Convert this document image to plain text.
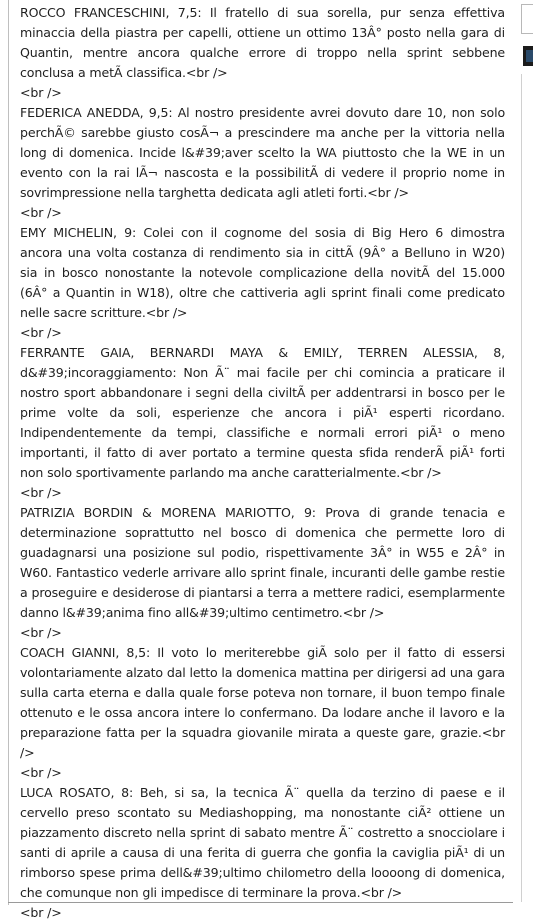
ROCCO FRANCESCHINI, 7,5: Il fratello di sua sorella, pur senza effettiva minaccia della piastra per capelli, ottiene un ottimo 13Â° posto nella gara di Quantin, mentre ancora qualche errore di troppo nella sprint sebbene conclusa a metÃ classifica.<br />

<br />

FEDERICA ANEDDA, 9,5: Al nostro presidente avrei dovuto dare 10, non solo perchÃ© sarebbe giusto cosÃ¬ a prescindere ma anche per la vittoria nella long di domenica. Incide l&#39;aver scelto la WA piuttosto che la WE in un evento con la rai lÃ¬ nascosta e la possibilitÃ di vedere il proprio nome in sovrimpressione nella targhetta dedicata agli atleti forti.<br />

<br />

EMY MICHELIN, 9: Colei con il cognome del sosia di Big Hero 6 dimostra ancora una volta costanza di rendimento sia in cittÃ (9Â° a Belluno in W20) sia in bosco nonostante la notevole complicazione della novitÃ del 15.000 (6Â° a Quantin in W18), oltre che cattiveria agli sprint finali come predicato nelle sacre scritture.<br />

<br />

FERRANTE GAIA, BERNARDI MAYA & EMILY, TERREN ALESSIA, 8, d&#39;incoraggiamento: Non Ã¨ mai facile per chi comincia a praticare il nostro sport abbandonare i segni della civiltÃ per addentrarsi in bosco per le prime volte da soli, esperienze che ancora i piÃ¹ esperti ricordano. Indipendentemente da tempi, classifiche e normali errori piÃ¹ o meno importanti, il fatto di aver portato a termine questa sfida renderÃ piÃ¹ forti non solo sportivamente parlando ma anche caratterialmente.<br />

<br />

PATRIZIA BORDIN & MORENA MARIOTTO, 9: Prova di grande tenacia e determinazione soprattutto nel bosco di domenica che permette loro di guadagnarsi una posizione sul podio, rispettivamente 3Â° in W55 e 2Â° in W60. Fantastico vederle arrivare allo sprint finale, incuranti delle gambe restie a proseguire e desiderose di piantarsi a terra a mettere radici, esemplarmente danno l&#39;anima fino all&#39;ultimo centimetro.<br />

<br />

COACH GIANNI, 8,5: Il voto lo meriterebbe giÃ solo per il fatto di essersi volontariamente alzato dal letto la domenica mattina per dirigersi ad una gara sulla carta eterna e dalla quale forse poteva non tornare, il buon tempo finale ottenuto e le ossa ancora intere lo confermano. Da lodare anche il lavoro e la preparazione fatta per la squadra giovanile mirata a queste gare, grazie.<br />

<br />

LUCA ROSATO, 8: Beh, si sa, la tecnica Ã¨ quella da terzino di paese e il cervello preso scontato su Mediashopping, ma nonostante ciÃ² ottiene un piazzamento discreto nella sprint di sabato mentre Ã¨ costretto a snocciolare i santi di aprile a causa di una ferita di guerra che gonfia la caviglia piÃ¹ di un rimborso spese prima dell&#39;ultimo chilometro della loooong di domenica, che comunque non gli impedisce di terminare la prova.<br />

<br />
